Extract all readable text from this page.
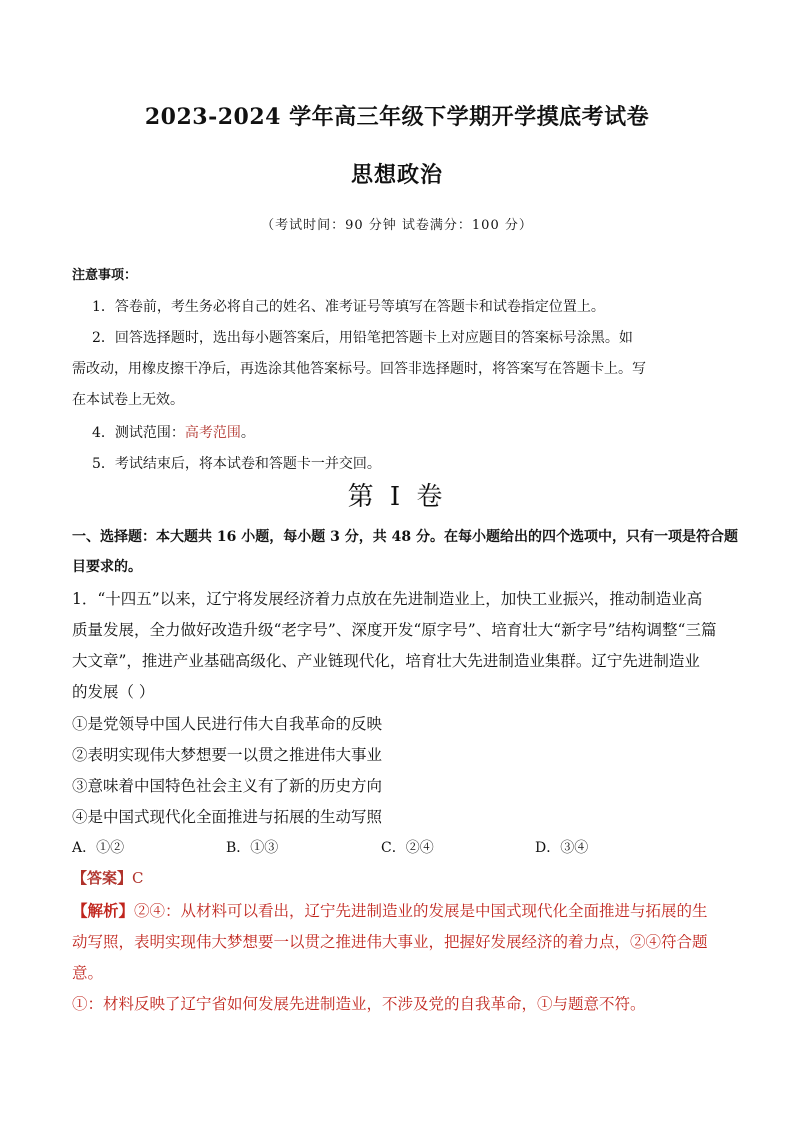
2023-2024 学年高三年级下学期开学摸底考试卷
思想政治
（考试时间：90 分钟 试卷满分：100 分）
注意事项：
1．答卷前，考生务必将自己的姓名、准考证号等填写在答题卡和试卷指定位置上。
2．回答选择题时，选出每小题答案后，用铅笔把答题卡上对应题目的答案标号涂黑。如
需改动，用橡皮擦干净后，再选涂其他答案标号。回答非选择题时，将答案写在答题卡上。写
在本试卷上无效。
4．测试范围：高考范围。
5．考试结束后，将本试卷和答题卡一并交回。
第 I 卷
一、选择题：本大题共 16 小题，每小题 3 分，共 48 分。在每小题给出的四个选项中，只有一项是符合题
目要求的。
1．“十四五”以来，辽宁将发展经济着力点放在先进制造业上，加快工业振兴，推动制造业高
质量发展，全力做好改造升级“老字号”、深度开发“原字号”、培育壮大“新字号”结构调整“三篇
大文章”，推进产业基础高级化、产业链现代化，培育壮大先进制造业集群。辽宁先进制造业
的发展（ ）
①是党领导中国人民进行伟大自我革命的反映
②表明实现伟大梦想要一以贯之推进伟大事业
③意味着中国特色社会主义有了新的历史方向
④是中国式现代化全面推进与拓展的生动写照
A．①②	B．①③	C．②④	D．③④
【答案】C
【解析】②④：从材料可以看出，辽宁先进制造业的发展是中国式现代化全面推进与拓展的生
动写照，表明实现伟大梦想要一以贯之推进伟大事业，把握好发展经济的着力点，②④符合题
意。
①：材料反映了辽宁省如何发展先进制造业，不涉及党的自我革命，①与题意不符。
